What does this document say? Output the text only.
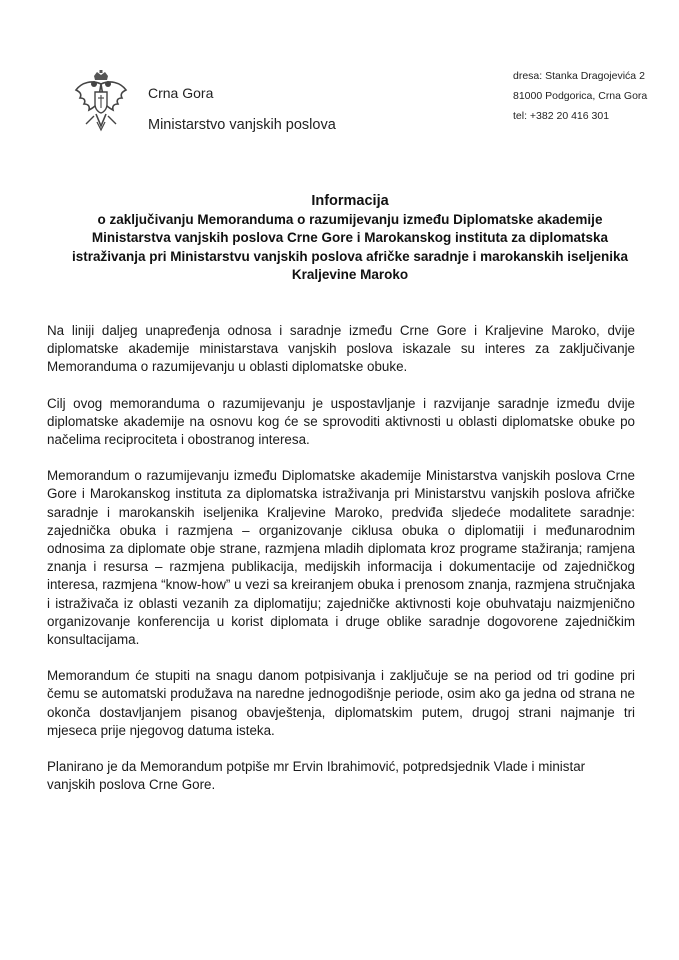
Crna Gora
Ministarstvo vanjskih poslova
dresa: Stanka Dragojevića 2
81000 Podgorica, Crna Gora
tel: +382 20 416 301
Informacija
o zaključivanju Memoranduma o razumijevanju između Diplomatske akademije
Ministarstva vanjskih poslova Crne Gore i Marokanskog instituta za diplomatska
istraživanja pri Ministarstvu vanjskih poslova afričke saradnje i marokanskih iseljenika
Kraljevine Maroko

Na liniji daljeg unapređenja odnosa i saradnje između Crne Gore i Kraljevine Maroko, dvije diplomatske akademije ministarstava vanjskih poslova iskazale su interes za zaključivanje Memoranduma o razumijevanju u oblasti diplomatske obuke.

Cilj ovog memoranduma o razumijevanju je uspostavljanje i razvijanje saradnje između dvije diplomatske akademije na osnovu kog će se sprovoditi aktivnosti u oblasti diplomatske obuke po načelima reciprociteta i obostranog interesa.

Memorandum o razumijevanju između Diplomatske akademije Ministarstva vanjskih poslova Crne Gore i Marokanskog instituta za diplomatska istraživanja pri Ministarstvu vanjskih poslova afričke saradnje i marokanskih iseljenika Kraljevine Maroko, predviđa sljedeće modalitete saradnje: zajednička obuka i razmjena – organizovanje ciklusa obuka o diplomatiji i međunarodnim odnosima za diplomate obje strane, razmjena mladih diplomata kroz programe stažiranja; ramjena znanja i resursa – razmjena publikacija, medijskih informacija i dokumentacije od zajedničkog interesa, razmjena “know-how” u vezi sa kreiranjem obuka i prenosom znanja, razmjena stručnjaka i istraživača iz oblasti vezanih za diplomatiju; zajedničke aktivnosti koje obuhvataju naizmjenično organizovanje konferencija u korist diplomata i druge oblike saradnje dogovorene zajedničkim konsultacijama.

Memorandum će stupiti na snagu danom potpisivanja i zaključuje se na period od tri godine pri čemu se automatski produžava na naredne jednogodišnje periode, osim ako ga jedna od strana ne okonča dostavljanjem pisanog obavještenja, diplomatskim putem, drugoj strani najmanje tri mjeseca prije njegovog datuma isteka.

Planirano je da Memorandum potpiše mr Ervin Ibrahimović, potpredsjednik Vlade i ministar vanjskih poslova Crne Gore.
